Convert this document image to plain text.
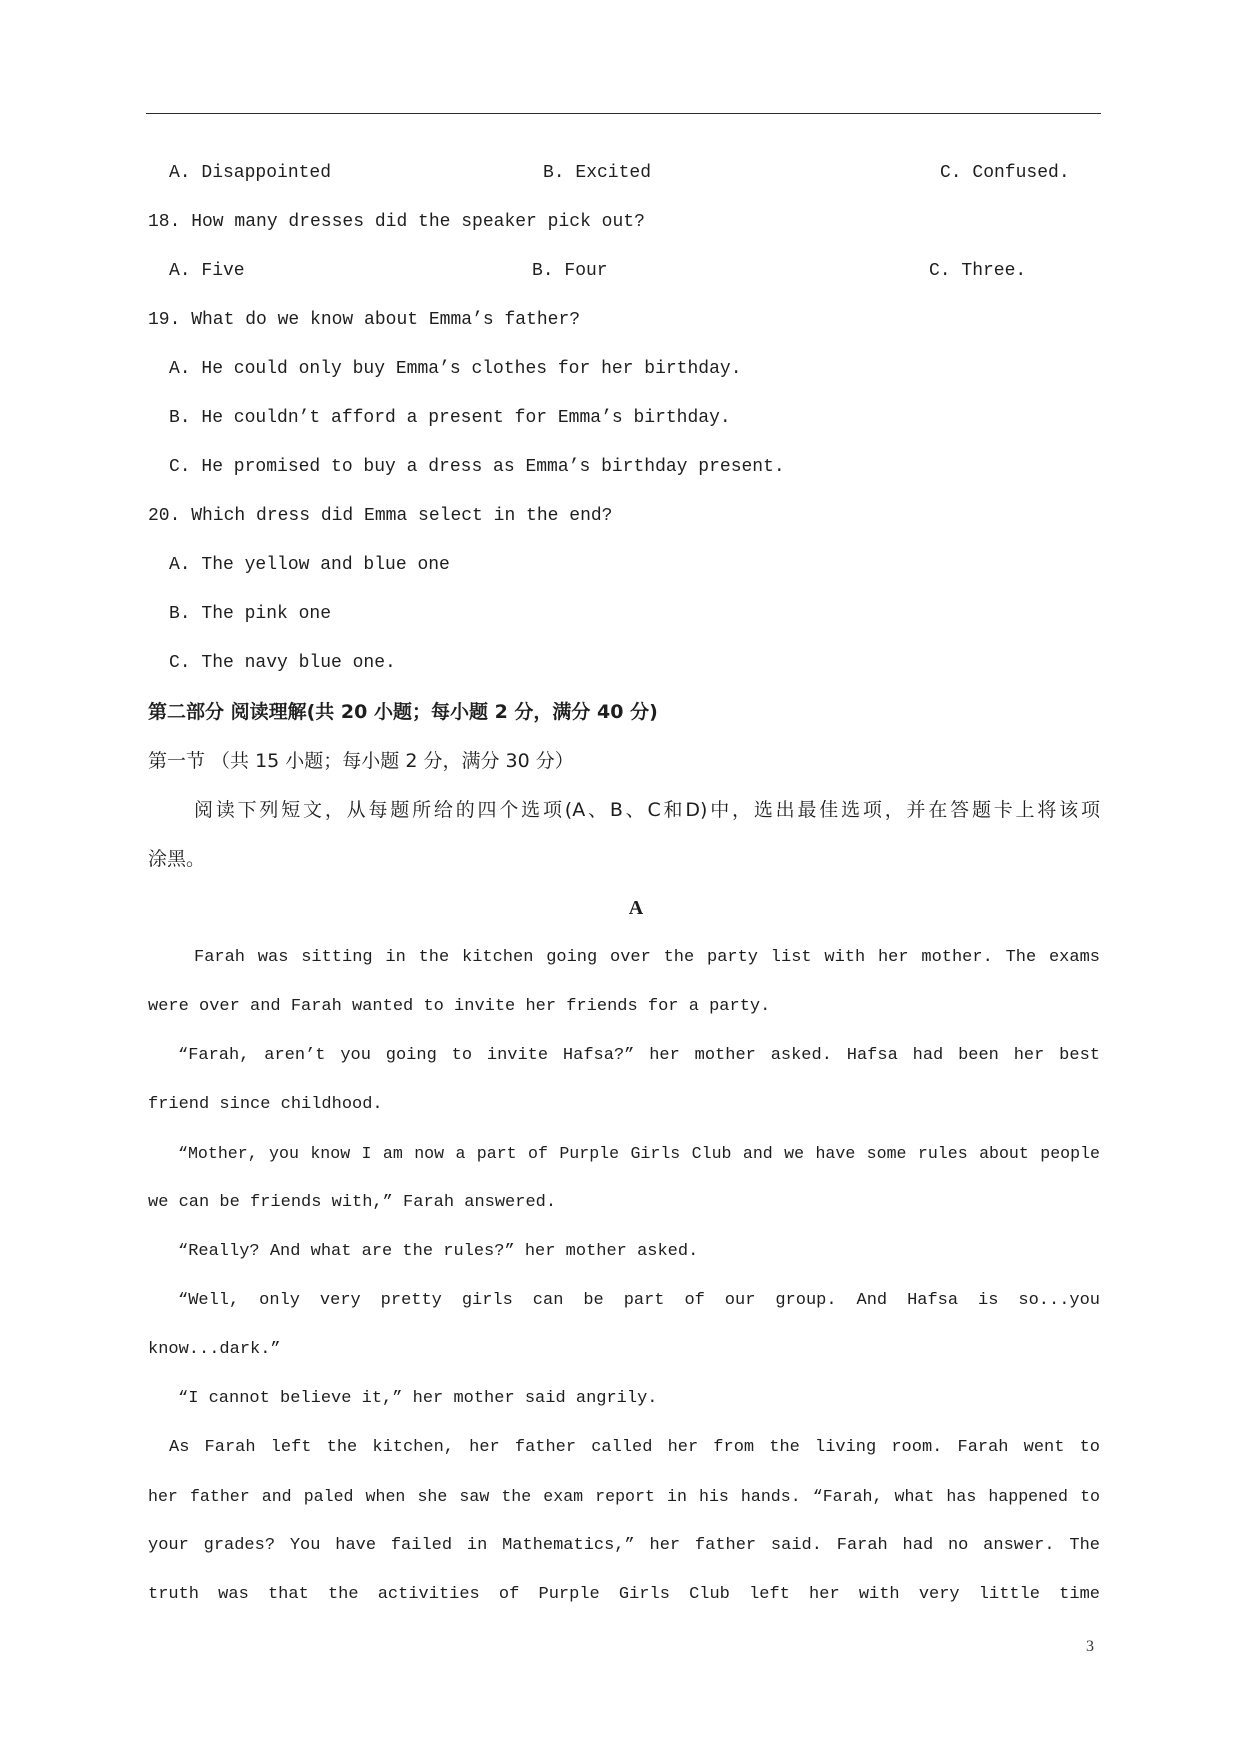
A. Disappointed	B. Excited	C. Confused.
18. How many dresses did the speaker pick out?
A. Five	B. Four	C. Three.
19. What do we know about Emma’s father?
A. He could only buy Emma’s clothes for her birthday.
B. He couldn’t afford a present for Emma’s birthday.
C. He promised to buy a dress as Emma’s birthday present.
20. Which dress did Emma select in the end?
A. The yellow and blue one
B. The pink one
C. The navy blue one.
第二部分 阅读理解(共 20 小题；每小题 2 分，满分 40 分)
第一节 （共 15 小题；每小题 2 分，满分 30 分）
阅读下列短文，从每题所给的四个选项(A、B、C和D)中，选出最佳选项，并在答题卡上将该项
涂黑。
A
Farah was sitting in the kitchen going over the party list with her mother. The exams
were over and Farah wanted to invite her friends for a party.
“Farah, aren’t you going to invite Hafsa?” her mother asked. Hafsa had been her best
friend since childhood.
“Mother, you know I am now a part of Purple Girls Club and we have some rules about people
we can be friends with,” Farah answered.
“Really? And what are the rules?” her mother asked.
“Well, only very pretty girls can be part of our group. And Hafsa is so...you
know...dark.”
“I cannot believe it,” her mother said angrily.
As Farah left the kitchen, her father called her from the living room. Farah went to
her father and paled when she saw the exam report in his hands. “Farah, what has happened to
your grades? You have failed in Mathematics,” her father said. Farah had no answer. The
truth was that the activities of Purple Girls Club left her with very little time
3
